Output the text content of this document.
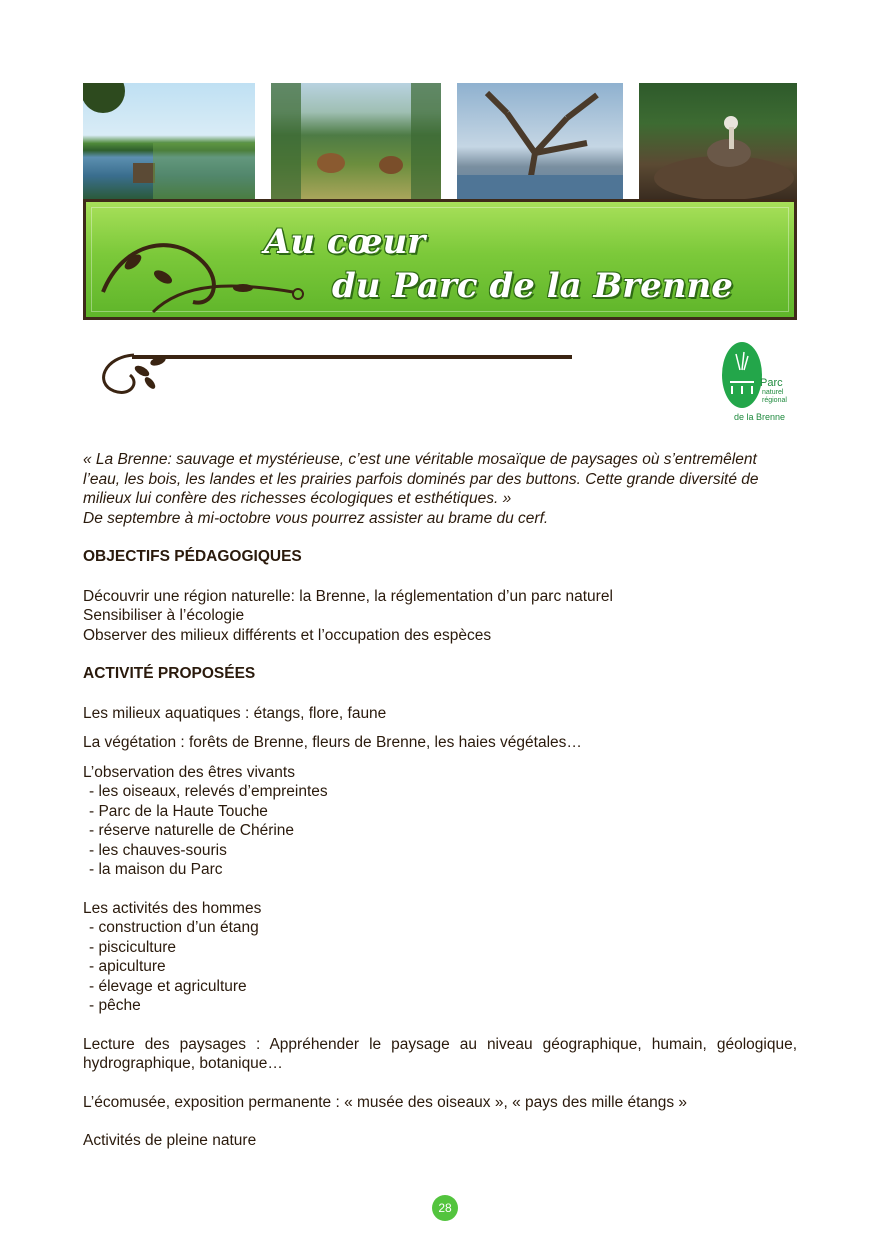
Au cœur
du Parc de la Brenne
Parc
naturel
régional
de la Brenne
« La Brenne: sauvage et mystérieuse, c’est une véritable mosaïque de paysages où s’entremêlent
l’eau, les bois, les landes et les prairies parfois dominés par des buttons. Cette grande diversité de
milieux lui confère des richesses écologiques et esthétiques. »
De septembre à mi-octobre vous pourrez assister au brame du cerf.
OBJECTIFS PÉDAGOGIQUES
Découvrir une région naturelle: la Brenne, la réglementation d’un parc naturel
Sensibiliser à l’écologie
Observer des milieux différents et l’occupation des espèces
ACTIVITÉ PROPOSÉES
Les milieux aquatiques : étangs, flore, faune
La végétation : forêts de Brenne, fleurs de Brenne, les haies végétales…
L’observation des êtres vivants
- les oiseaux, relevés d’empreintes
- Parc de la Haute Touche
- réserve naturelle de Chérine
- les chauves-souris
- la maison du Parc
Les activités des hommes
- construction d’un étang
- pisciculture
- apiculture
- élevage et agriculture
- pêche
Lecture des paysages : Appréhender le paysage au niveau géographique, humain, géologique,
hydrographique, botanique…
L’écomusée, exposition permanente : « musée des oiseaux », « pays des mille étangs »
Activités de pleine nature
28
